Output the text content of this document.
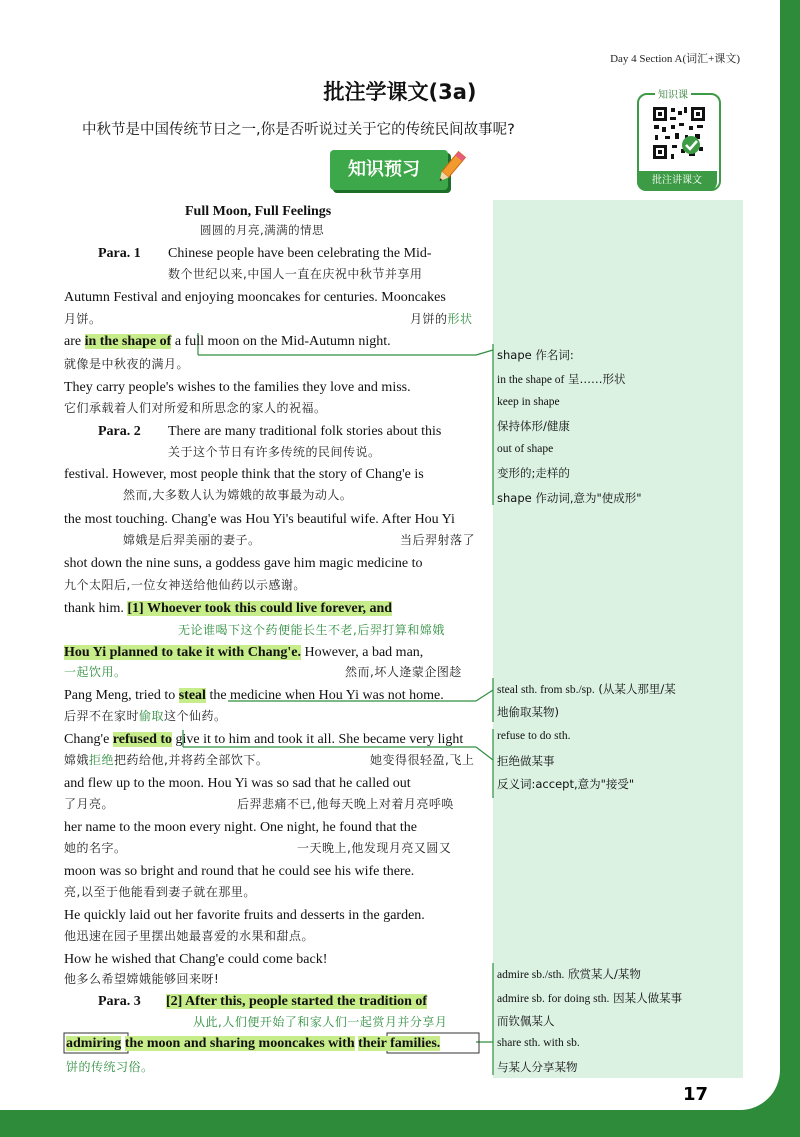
Day 4 Section A(词汇+课文)
批注学课文(3a)
中秋节是中国传统节日之一,你是否听说过关于它的传统民间故事呢?
知识课
批注讲课文
知识预习
Full Moon, Full Feelings
圆圆的月亮,满满的情思
Para. 1 Chinese people have been celebrating the Mid-
数个世纪以来,中国人一直在庆祝中秋节并享用
Autumn Festival and enjoying mooncakes for centuries. Mooncakes
月饼。	月饼的形状
are in the shape of a full moon on the Mid-Autumn night.
就像是中秋夜的满月。
They carry people's wishes to the families they love and miss.
它们承载着人们对所爱和所思念的家人的祝福。
Para. 2 There are many traditional folk stories about this
关于这个节日有许多传统的民间传说。
festival. However, most people think that the story of Chang'e is
然而,大多数人认为嫦娥的故事最为动人。
the most touching. Chang'e was Hou Yi's beautiful wife. After Hou Yi
嫦娥是后羿美丽的妻子。	当后羿射落了
shot down the nine suns, a goddess gave him magic medicine to
九个太阳后,一位女神送给他仙药以示感谢。
thank him. [1] Whoever took this could live forever, and
无论谁喝下这个药便能长生不老,后羿打算和嫦娥
Hou Yi planned to take it with Chang'e. However, a bad man,
一起饮用。	然而,坏人逄蒙企图趁
Pang Meng, tried to steal the medicine when Hou Yi was not home.
后羿不在家时偷取这个仙药。
Chang'e refused to give it to him and took it all. She became very light
嫦娥拒绝把药给他,并将药全部饮下。	她变得很轻盈,飞上
and flew up to the moon. Hou Yi was so sad that he called out
了月亮。	后羿悲痛不已,他每天晚上对着月亮呼唤
her name to the moon every night. One night, he found that the
她的名字。	一天晚上,他发现月亮又圆又
moon was so bright and round that he could see his wife there.
亮,以至于他能看到妻子就在那里。
He quickly laid out her favorite fruits and desserts in the garden.
他迅速在园子里摆出她最喜爱的水果和甜点。
How he wished that Chang'e could come back!
他多么希望嫦娥能够回来呀!
Para. 3 [2] After this, people started the tradition of
从此,人们便开始了和家人们一起赏月并分享月
admiring the moon and sharing mooncakes with their families.
饼的传统习俗。
shape 作名词:
in the shape of 呈……形状
keep in shape
保持体形/健康
out of shape
变形的;走样的
shape 作动词,意为"使成形"
steal sth. from sb./sp. (从某人那里/某
地偷取某物)
refuse to do sth.
拒绝做某事
反义词:accept,意为"接受"
admire sb./sth. 欣赏某人/某物
admire sb. for doing sth. 因某人做某事
而钦佩某人
share sth. with sb.
与某人分享某物
17
